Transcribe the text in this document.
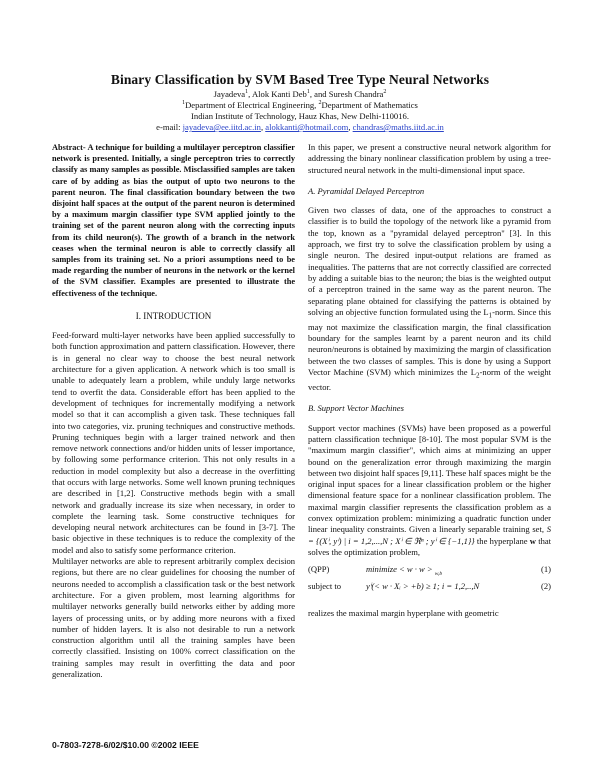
Binary Classification by SVM Based Tree Type Neural Networks
Jayadeva$^1$, Alok Kanti Deb$^1$, and Suresh Chandra$^2$
$^1$Department of Electrical Engineering, $^2$Department of Mathematics
Indian Institute of Technology, Hauz Khas, New Delhi-110016.
e-mail: jayadeva@ee.iitd.ac.in, alokkanti@hotmail.com, chandras@maths.iitd.ac.in

Abstract- A technique for building a multilayer perceptron classifier network is presented. Initially, a single perceptron tries to correctly classify as many samples as possible. Misclassified samples are taken care of by adding as bias the output of upto two neurons to the parent neuron. The final classification boundary between the two disjoint half spaces at the output of the parent neuron is determined by a maximum margin classifier type SVM applied jointly to the training set of the parent neuron along with the correcting inputs from its child neuron(s). The growth of a branch in the network ceases when the terminal neuron is able to correctly classify all samples from its training set. No a priori assumptions need to be made regarding the number of neurons in the network or the kernel of the SVM classifier. Examples are presented to illustrate the effectiveness of the technique.

I. INTRODUCTION

Feed-forward multi-layer networks have been applied successfully to both function approximation and pattern classification. However, there is in general no clear way to choose the best neural network architecture for a given application. A network which is too small is unable to adequately learn a problem, while unduly large networks tend to overfit the data. Considerable effort has been applied to the development of techniques for incrementally modifying a network model so that it can accomplish a given task. These techniques fall into two categories, viz. pruning techniques and constructive methods. Pruning techniques begin with a larger trained network and then remove network connections and/or hidden units of lesser importance, by following some performance criterion. This not only results in a reduction in model complexity but also a decrease in the overfitting that occurs with large networks. Some well known pruning techniques are described in [1,2]. Constructive methods begin with a small network and gradually increase its size when necessary, in order to complete the learning task. Some constructive techniques for developing neural network architectures can be found in [3-7]. The basic objective in these techniques is to reduce the complexity of the model and also to satisfy some performance criterion.

Multilayer networks are able to represent arbitrarily complex decision regions, but there are no clear guidelines for choosing the number of neurons needed to accomplish a classification task or the best network architecture. For a given problem, most learning algorithms for multilayer networks generally build networks either by adding more layers of processing units, or by adding more neurons with a fixed number of hidden layers. It is also not desirable to run a network construction algorithm until all the training samples have been correctly classified. Insisting on 100% correct classification on the training samples may result in overfitting the data and poor generalization.

In this paper, we present a constructive neural network algorithm for addressing the binary nonlinear classification problem by using a tree-structured neural network in the multi-dimensional input space.

A. Pyramidal Delayed Perceptron

Given two classes of data, one of the approaches to construct a classifier is to build the topology of the network like a pyramid from the top, known as a "pyramidal delayed perceptron" [3]. In this approach, we first try to solve the classification problem by using a single neuron. The desired input-output relations are framed as inequalities. The patterns that are not correctly classified are corrected by adding a suitable bias to the neuron; the bias is the weighted output of a perceptron trained in the same way as the parent neuron. The separating plane obtained for classifying the patterns is obtained by solving an objective function formulated using the $L_1$-norm. Since this may not maximize the classification margin, the final classification boundary for the samples learnt by a parent neuron and its child neuron/neurons is obtained by maximizing the margin of classification between the two classes of samples. This is done by using a Support Vector Machine (SVM) which minimizes the $L_2$-norm of the weight vector.

B. Support Vector Machines

Support vector machines (SVMs) have been proposed as a powerful pattern classification technique [8-10]. The most popular SVM is the "maximum margin classifier", which aims at minimizing an upper bound on the generalization error through maximizing the margin between two disjoint half spaces [9,11]. These half spaces might be the original input spaces for a linear classification problem or the higher dimensional feature space for a nonlinear classification problem. The maximal margin classifier represents the classification problem as a convex optimization problem: minimizing a quadratic function under linear inequality constraints. Given a linearly separable training set, S = {(Xⁱ, yⁱ) | i = 1,2,...,N ; Xⁱ ∈ ℜⁿ ; yⁱ ∈ {−1,1}} the hyperplane w that solves the optimization problem,

(QPP)	minimize < w · w > $_{w,b}$	(1)
subject to	yⁱ(< w · Xᵢ > +b) ≥ 1; i = 1,2,..,N	(2)

realizes the maximal margin hyperplane with geometric

0-7803-7278-6/02/$10.00 ©2002 IEEE
